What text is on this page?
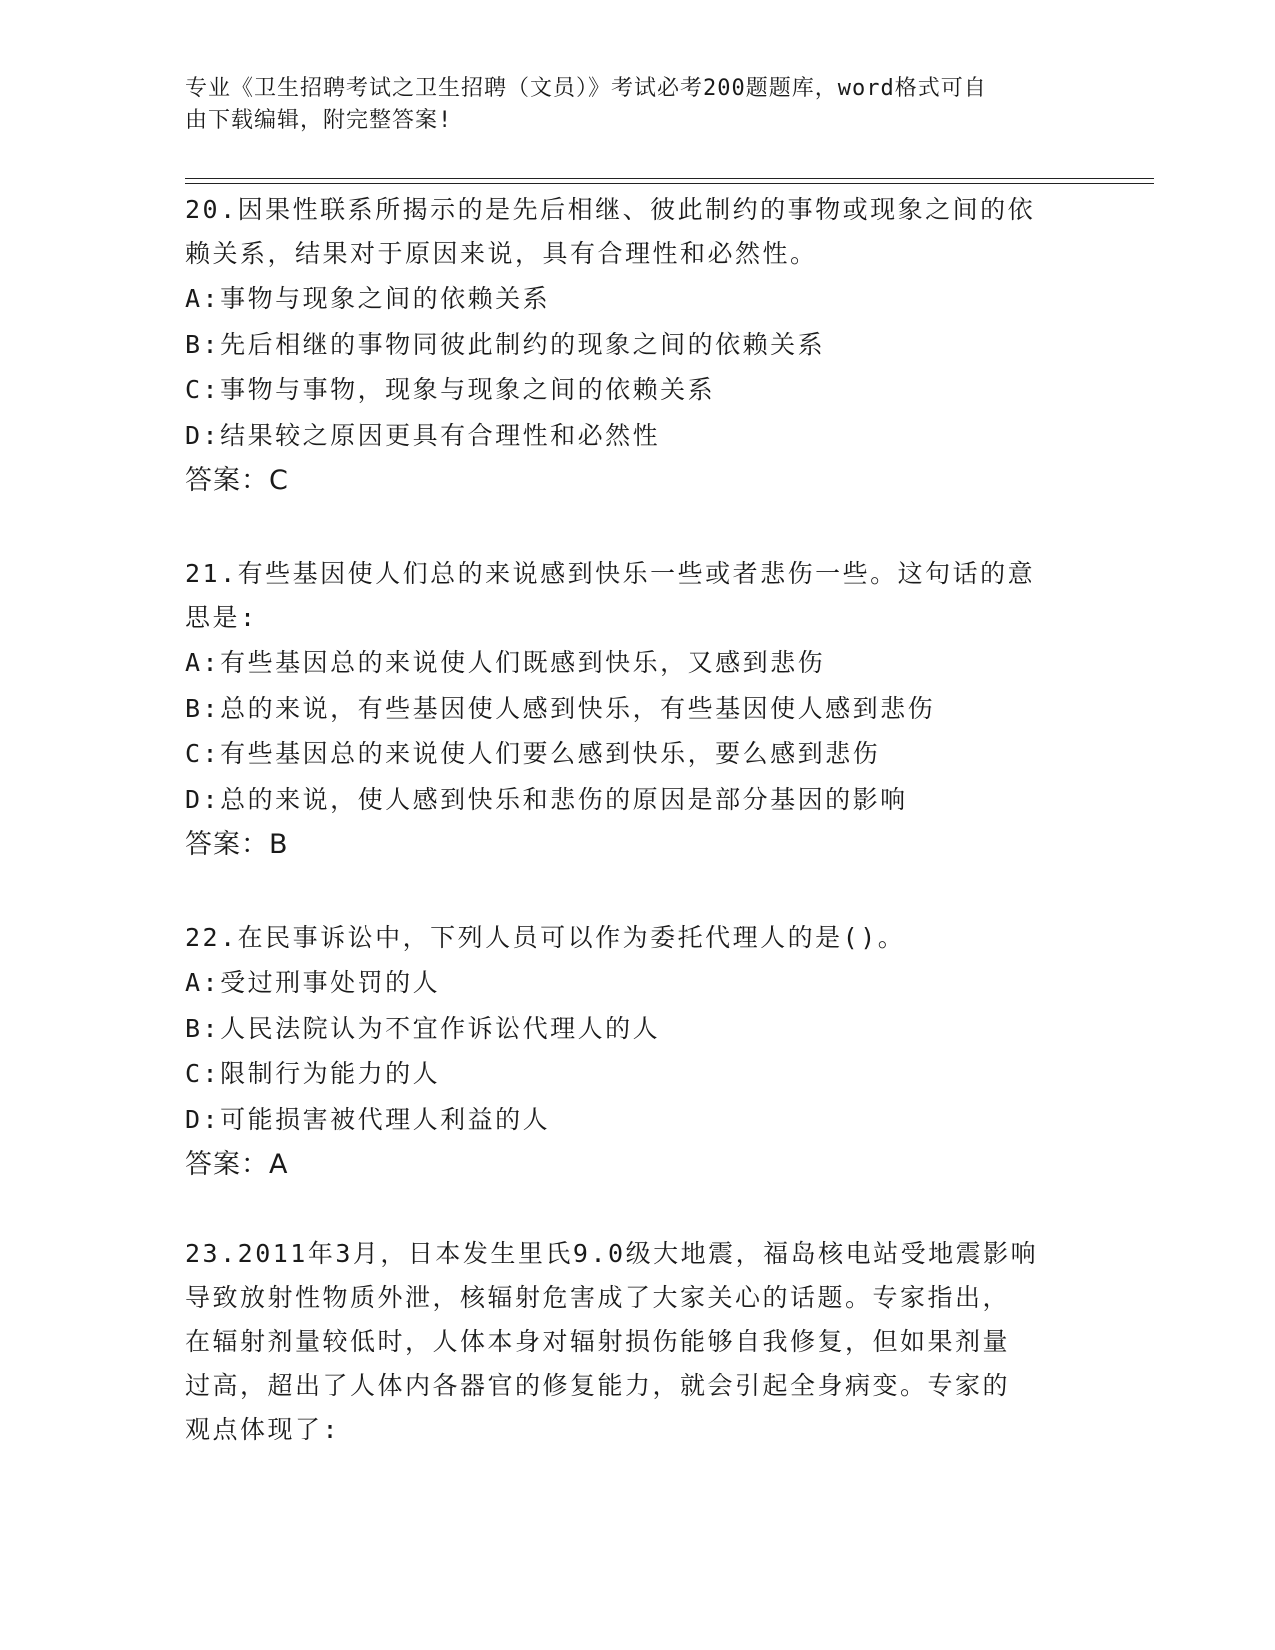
专业《卫生招聘考试之卫生招聘（文员）》考试必考200题题库，word格式可自
由下载编辑，附完整答案!

20.因果性联系所揭示的是先后相继、彼此制约的事物或现象之间的依

赖关系，结果对于原因来说，具有合理性和必然性。

A:事物与现象之间的依赖关系

B:先后相继的事物同彼此制约的现象之间的依赖关系

C:事物与事物，现象与现象之间的依赖关系

D:结果较之原因更具有合理性和必然性

答案：C

21.有些基因使人们总的来说感到快乐一些或者悲伤一些。这句话的意

思是:

A:有些基因总的来说使人们既感到快乐，又感到悲伤

B:总的来说，有些基因使人感到快乐，有些基因使人感到悲伤

C:有些基因总的来说使人们要么感到快乐，要么感到悲伤

D:总的来说，使人感到快乐和悲伤的原因是部分基因的影响

答案：B

22.在民事诉讼中，下列人员可以作为委托代理人的是()。

A:受过刑事处罚的人

B:人民法院认为不宜作诉讼代理人的人

C:限制行为能力的人

D:可能损害被代理人利益的人

答案：A

23.2011年3月，日本发生里氏9.0级大地震，福岛核电站受地震影响

导致放射性物质外泄，核辐射危害成了大家关心的话题。专家指出，

在辐射剂量较低时，人体本身对辐射损伤能够自我修复，但如果剂量

过高，超出了人体内各器官的修复能力，就会引起全身病变。专家的

观点体现了:
